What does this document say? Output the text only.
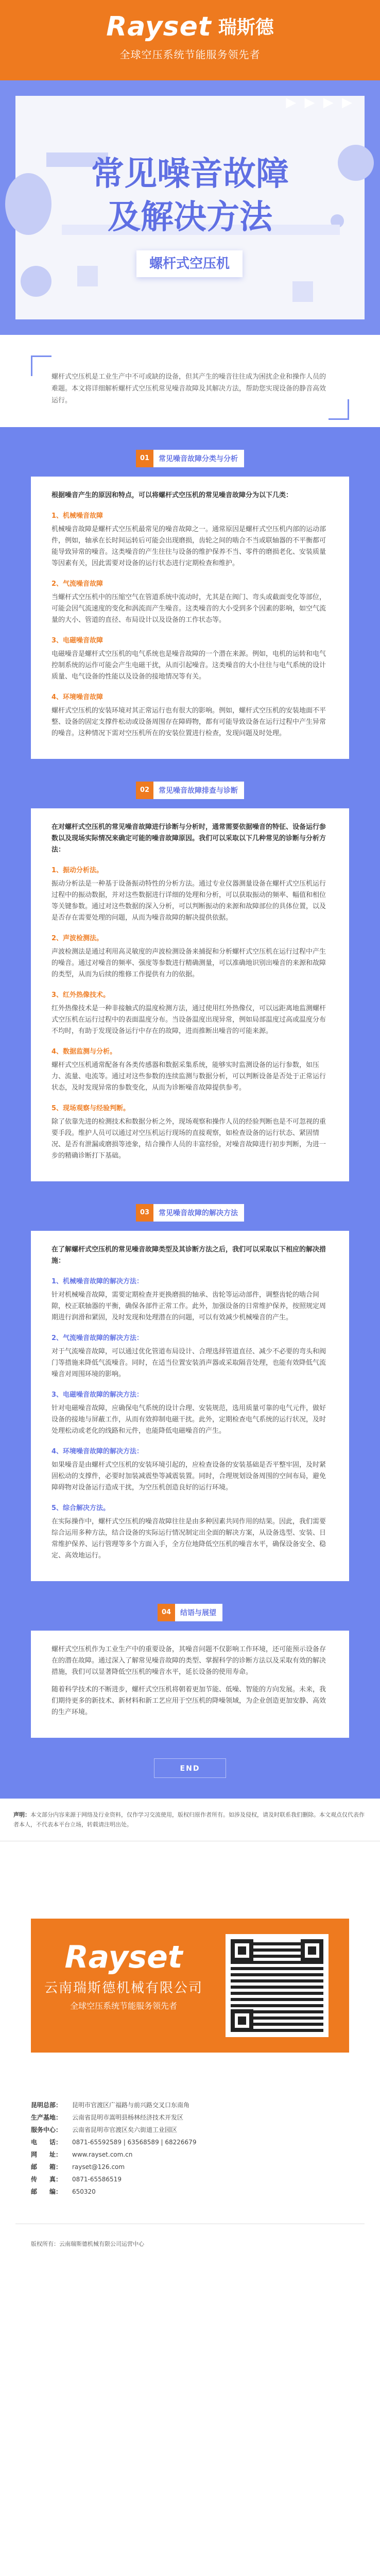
Rayset 瑞斯德
全球空压系统节能服务领先者
▶ ▶ ▶ ▶
常见噪音故障
及解决方法
螺杆式空压机

螺杆式空压机是工业生产中不可或缺的设备，但其产生的噪音往往成为困扰企业和操作人员的难题。本文将详细解析螺杆式空压机常见噪音故障及其解决方法，帮助您实现设备的静音高效运行。

01	常见噪音故障分类与分析

根据噪音产生的原因和特点，可以将螺杆式空压机的常见噪音故障分为以下几类：

1、机械噪音故障

机械噪音故障是螺杆式空压机最常见的噪音故障之一。通常原因是螺杆式空压机内部的运动部件，例如，轴承在长时间运转后可能会出现磨损，齿轮之间的啮合不当或联轴器的不平衡都可能导致异常的噪音。这类噪音的产生往往与设备的维护保养不当、零件的磨损老化、安装质量等因素有关，因此需要对设备的运行状态进行定期检查和维护。

2、气流噪音故障

当螺杆式空压机中的压缩空气在管道系统中流动时，尤其是在阀门、弯头或截面变化等部位，可能会因气流速度的变化和涡流而产生噪音。这类噪音的大小受到多个因素的影响，如空气流量的大小、管道的直径、布局设计以及设备的工作状态等。

3、电磁噪音故障

电磁噪音是螺杆式空压机的电气系统也是噪音故障的一个潜在来源。例如，电机的运转和电气控制系统的运作可能会产生电磁干扰，从而引起噪音。这类噪音的大小往往与电气系统的设计质量、电气设备的性能以及设备的接地情况等有关。

4、环境噪音故障

螺杆式空压机的安装环境对其正常运行也有很大的影响。例如，螺杆式空压机的安装地面不平整、设备的固定支撑件松动或设备周围存在障碍物，都有可能导致设备在运行过程中产生异常的噪音。这种情况下需对空压机所在的安装位置进行检查，发现问题及时处理。

02	常见噪音故障排查与诊断

在对螺杆式空压机的常见噪音故障进行诊断与分析时，通常需要依据噪音的特征、设备运行参数以及现场实际情况来确定可能的噪音故障原因。我们可以采取以下几种常见的诊断与分析方法：

1、振动分析法。

振动分析法是一种基于设备振动特性的分析方法。通过专业仪器测量设备在螺杆式空压机运行过程中的振动数据，并对这些数据进行详细的处理和分析，可以获取振动的频率、幅值和相位等关键参数。通过对这些数据的深入分析，可以判断振动的来源和故障部位的具体位置，以及是否存在需要处理的问题，从而为噪音故障的解决提供依据。

2、声波检测法。

声波检测法是通过利用高灵敏度的声波检测设备来捕捉和分析螺杆式空压机在运行过程中产生的噪音。通过对噪音的频率、强度等参数进行精确测量，可以准确地识别出噪音的来源和故障的类型，从而为后续的维修工作提供有力的依据。

3、红外热像技术。

红外热像技术是一种非接触式的温度检测方法，通过使用红外热像仪，可以远距离地监测螺杆式空压机在运行过程中的表面温度分布。当设备温度出现异常，例如局部温度过高或温度分布不均时，有助于发现设备运行中存在的故障，进而推断出噪音的可能来源。

4、数据监测与分析。

螺杆式空压机通常配备有各类传感器和数据采集系统，能够实时监测设备的运行参数，如压力、流量、电流等。通过对这些参数的连续监测与数据分析，可以判断设备是否处于正常运行状态，及时发现异常的参数变化，从而为诊断噪音故障提供参考。

5、现场观察与经验判断。

除了依靠先进的检测技术和数据分析之外，现场观察和操作人员的经验判断也是不可忽视的重要手段。维护人员可以通过对空压机运行现场的直接观察，如检查设备的运行状态、紧固情况、是否有泄漏或磨损等迹象，结合操作人员的丰富经验，对噪音故障进行初步判断，为进一步的精确诊断打下基础。

03	常见噪音故障的解决方法

在了解螺杆式空压机的常见噪音故障类型及其诊断方法之后，我们可以采取以下相应的解决措施：

1、机械噪音故障的解决方法：

针对机械噪音故障，需要定期检查并更换磨损的轴承、齿轮等运动部件，调整齿轮的啮合间隙，校正联轴器的平衡，确保各部件正常工作。此外，加强设备的日常维护保养，按照规定周期进行润滑和紧固，及时发现和处理潜在的问题，可以有效减少机械噪音的产生。

2、气流噪音故障的解决方法：

对于气流噪音故障，可以通过优化管道布局设计、合理选择管道直径、减少不必要的弯头和阀门等措施来降低气流噪音。同时，在适当位置安装消声器或采取隔音处理，也能有效降低气流噪音对周围环境的影响。

3、电磁噪音故障的解决方法：

针对电磁噪音故障，应确保电气系统的设计合理、安装规范，选用质量可靠的电气元件，做好设备的接地与屏蔽工作，从而有效抑制电磁干扰。此外，定期检查电气系统的运行状况，及时处理松动或老化的线路和元件，也能降低电磁噪音的产生。

4、环境噪音故障的解决方法：

如果噪音是由螺杆式空压机的安装环境引起的，应检查设备的安装基础是否平整牢固，及时紧固松动的支撑件，必要时加装减震垫等减震装置。同时，合理规划设备周围的空间布局，避免障碍物对设备运行造成干扰，为空压机创造良好的运行环境。

5、综合解决方法。

在实际操作中，螺杆式空压机的噪音故障往往是由多种因素共同作用的结果。因此，我们需要综合运用多种方法，结合设备的实际运行情况制定出全面的解决方案，从设备选型、安装、日常维护保养、运行管理等多个方面入手，全方位地降低空压机的噪音水平，确保设备安全、稳定、高效地运行。

04	结语与展望

螺杆式空压机作为工业生产中的重要设备，其噪音问题不仅影响工作环境，还可能预示设备存在的潜在故障。通过深入了解常见噪音故障的类型、掌握科学的诊断方法以及采取有效的解决措施，我们可以显著降低空压机的噪音水平，延长设备的使用寿命。

随着科学技术的不断进步，螺杆式空压机将朝着更加节能、低噪、智能的方向发展。未来，我们期待更多的新技术、新材料和新工艺应用于空压机的降噪领域，为企业创造更加安静、高效的生产环境。

END
声明：本文部分内容来源于网络及行业资料，仅作学习交流使用，版权归原作者所有。如涉及侵权，请及时联系我们删除。本文观点仅代表作者本人，不代表本平台立场，转载请注明出处。
Rayset
云南瑞斯德机械有限公司
全球空压系统节能服务领先者
昆明总部：	昆明市官渡区广福路与前兴路交叉口东南角
生产基地：	云南省昆明市嵩明县杨林经济技术开发区
服务中心：	云南省昆明市官渡区矣六街道工业园区
电　　话：	0871-65592589 | 63568589 | 68226679
网　　址：	www.rayset.com.cn
邮　　箱：	rayset@126.com
传　　真：	0871-65586519
邮　　编：	650320
版权所有：云南瑞斯德机械有限公司运营中心
